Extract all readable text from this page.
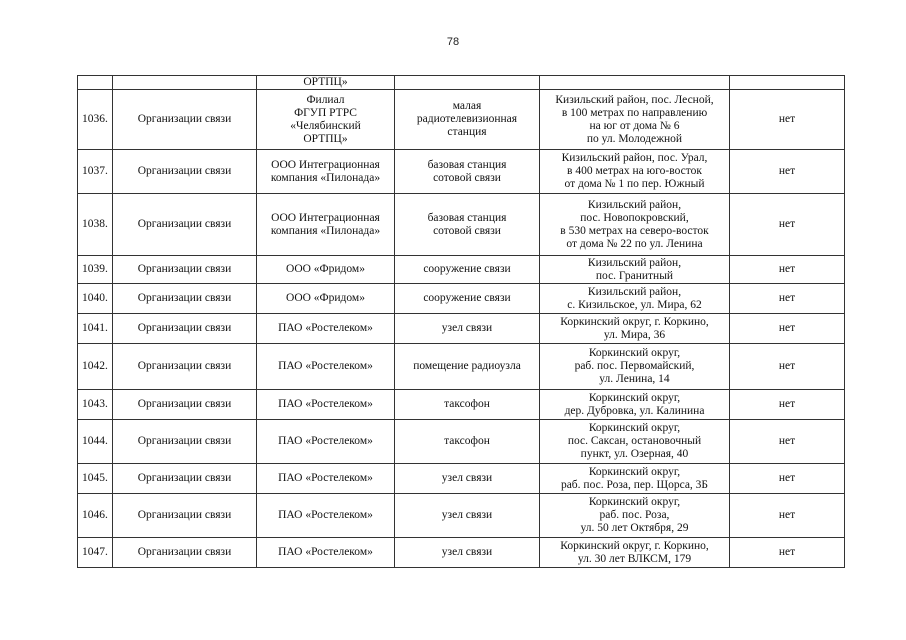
78
		ОРТПЦ»			
1036.	Организации связи	Филиал
ФГУП РТРС
«Челябинский
ОРТПЦ»	малая
радиотелевизионная
станция	Кизильский район, пос. Лесной,
в 100 метрах по направлению
на юг от дома № 6
по ул. Молодежной	нет
1037.	Организации связи	ООО Интеграционная
компания «Пилонада»	базовая станция
сотовой связи	Кизильский район, пос. Урал,
в 400 метрах на юго-восток
от дома № 1 по пер. Южный	нет
1038.	Организации связи	ООО Интеграционная
компания «Пилонада»	базовая станция
сотовой связи	Кизильский район,
пос. Новопокровский,
в 530 метрах на северо-восток
от дома № 22 по ул. Ленина	нет
1039.	Организации связи	ООО «Фридом»	сооружение связи	Кизильский район,
пос. Гранитный	нет
1040.	Организации связи	ООО «Фридом»	сооружение связи	Кизильский район,
с. Кизильское, ул. Мира, 62	нет
1041.	Организации связи	ПАО «Ростелеком»	узел связи	Коркинский округ, г. Коркино,
ул. Мира, 36	нет
1042.	Организации связи	ПАО «Ростелеком»	помещение радиоузла	Коркинский округ,
раб. пос. Первомайский,
ул. Ленина, 14	нет
1043.	Организации связи	ПАО «Ростелеком»	таксофон	Коркинский округ,
дер. Дубровка, ул. Калинина	нет
1044.	Организации связи	ПАО «Ростелеком»	таксофон	Коркинский округ,
пос. Саксан, остановочный
пункт, ул. Озерная, 40	нет
1045.	Организации связи	ПАО «Ростелеком»	узел связи	Коркинский округ,
раб. пос. Роза, пер. Щорса, 3Б	нет
1046.	Организации связи	ПАО «Ростелеком»	узел связи	Коркинский округ,
раб. пос. Роза,
ул. 50 лет Октября, 29	нет
1047.	Организации связи	ПАО «Ростелеком»	узел связи	Коркинский округ, г. Коркино,
ул. 30 лет ВЛКСМ, 179	нет
